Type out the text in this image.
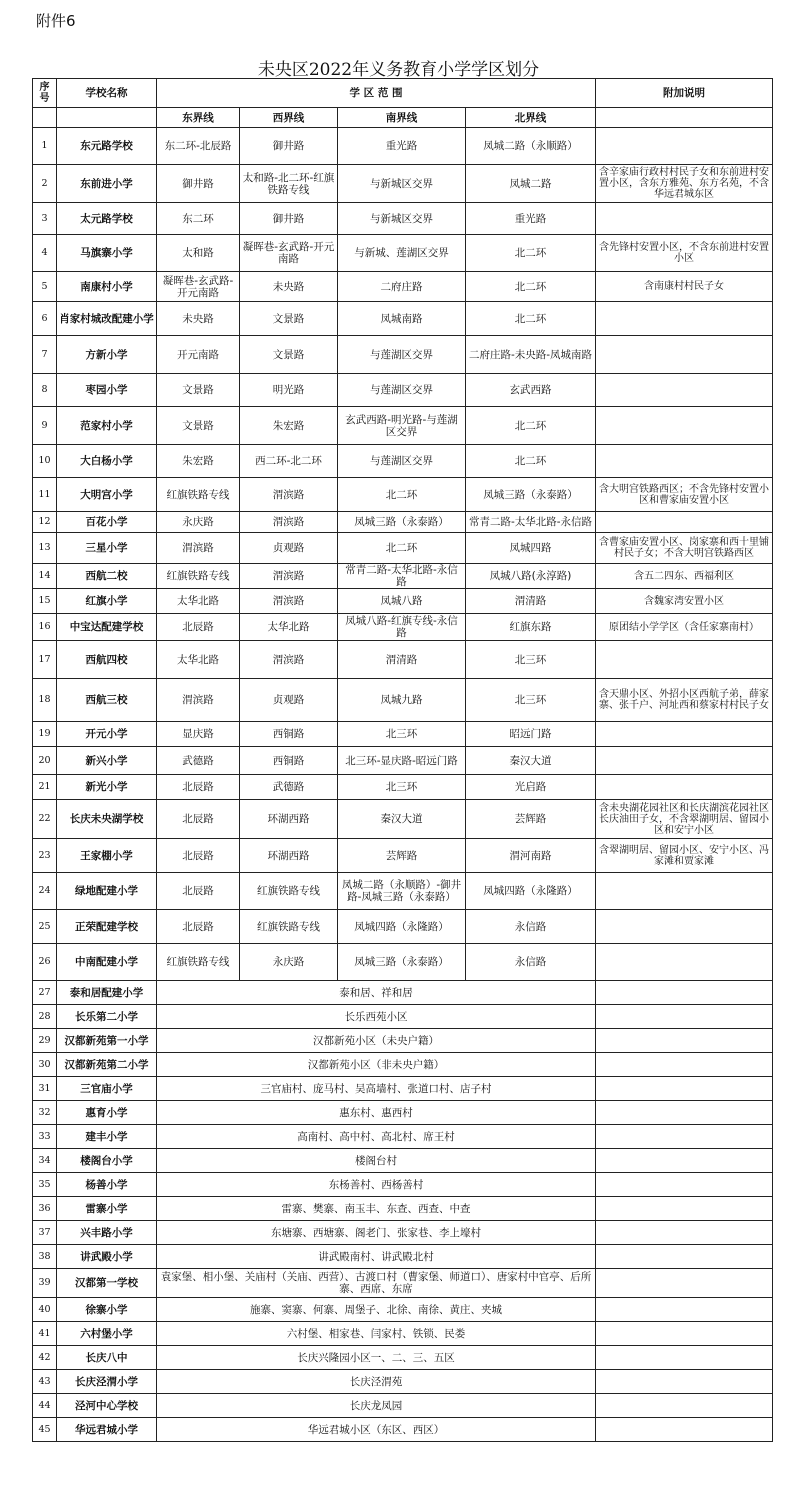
附件6
未央区2022年义务教育小学学区划分
序号	学校名称	学 区 范 围				附加说明
		东界线	西界线	南界线	北界线	
1	东元路学校	东二环-北辰路	御井路	重光路	凤城二路（永顺路）	
2	东前进小学	御井路	太和路-北二环-红旗铁路专线	与新城区交界	凤城二路	含辛家庙行政村村民子女和东前进村安置小区，含东方雅苑、东方名苑，不含华远君城东区
3	太元路学校	东二环	御井路	与新城区交界	重光路	
4	马旗寨小学	太和路	凝晖巷-玄武路-开元南路	与新城、莲湖区交界	北二环	含先锋村安置小区，不含东前进村安置小区
5	南康村小学	凝晖巷-玄武路-开元南路	未央路	二府庄路	北二环	含南康村村民子女
6	肖家村城改配建小学	未央路	文景路	凤城南路	北二环	
7	方新小学	开元南路	文景路	与莲湖区交界	二府庄路-未央路-凤城南路	
8	枣园小学	文景路	明光路	与莲湖区交界	玄武西路	
9	范家村小学	文景路	朱宏路	玄武西路-明光路-与莲湖区交界	北二环	
10	大白杨小学	朱宏路	西二环-北二环	与莲湖区交界	北二环	
11	大明宫小学	红旗铁路专线	渭滨路	北二环	凤城三路（永泰路）	含大明宫铁路西区；不含先锋村安置小区和曹家庙安置小区
12	百花小学	永庆路	渭滨路	凤城三路（永泰路）	常青二路-太华北路-永信路	
13	三星小学	渭滨路	贞观路	北二环	凤城四路	含曹家庙安置小区、岗家寨和西十里铺村民子女；不含大明宫铁路西区
14	西航二校	红旗铁路专线	渭滨路	常青二路-太华北路-永信路	凤城八路(永淳路)	含五二四东、西福利区
15	红旗小学	太华北路	渭滨路	凤城八路	渭清路	含魏家湾安置小区
16	中宝达配建学校	北辰路	太华北路	凤城八路-红旗专线-永信路	红旗东路	原团结小学学区（含任家寨南村）
17	西航四校	太华北路	渭滨路	渭清路	北三环	
18	西航三校	渭滨路	贞观路	凤城九路	北三环	含天鼎小区、外招小区西航子弟，薛家寨、张千户、河址西和蔡家村村民子女
19	开元小学	显庆路	西铜路	北三环	昭远门路	
20	新兴小学	武德路	西铜路	北三环-显庆路-昭远门路	秦汉大道	
21	新光小学	北辰路	武德路	北三环	光启路	
22	长庆未央湖学校	北辰路	环湖西路	秦汉大道	芸辉路	含未央湖花园社区和长庆湖滨花园社区长庆油田子女，不含翠湖明居、留园小区和安宁小区
23	王家棚小学	北辰路	环湖西路	芸辉路	渭河南路	含翠湖明居、留园小区、安宁小区、冯家滩和贾家滩
24	绿地配建小学	北辰路	红旗铁路专线	凤城二路（永顺路）-御井路-凤城三路（永泰路）	凤城四路（永隆路）	
25	正荣配建学校	北辰路	红旗铁路专线	凤城四路（永隆路）	永信路	
26	中南配建小学	红旗铁路专线	永庆路	凤城三路（永泰路）	永信路	
27	泰和居配建小学	泰和居、祥和居				
28	长乐第二小学	长乐西苑小区				
29	汉都新苑第一小学	汉都新苑小区（未央户籍）				
30	汉都新苑第二小学	汉都新苑小区（非未央户籍）				
31	三官庙小学	三官庙村、庞马村、吴高墙村、张道口村、店子村				
32	惠育小学	惠东村、惠西村				
33	建丰小学	高南村、高中村、高北村、席王村				
34	楼阁台小学	楼阁台村				
35	杨善小学	东杨善村、西杨善村				
36	雷寨小学	雷寨、樊寨、南玉丰、东查、西查、中查				
37	兴丰路小学	东塘寨、西塘寨、阁老门、张家巷、李上壕村				
38	讲武殿小学	讲武殿南村、讲武殿北村				
39	汉都第一学校	袁家堡、相小堡、关庙村（关庙、西营）、古渡口村（曹家堡、师道口）、唐家村中官亭、后所寨、西席、东席				
40	徐寨小学	施寨、窦寨、何寨、周堡子、北徐、南徐、黄庄、夹城				
41	六村堡小学	六村堡、相家巷、闫家村、铁锁、民娄				
42	长庆八中	长庆兴隆园小区一、二、三、五区				
43	长庆泾渭小学	长庆泾渭苑				
44	泾河中心学校	长庆龙凤园				
45	华远君城小学	华远君城小区（东区、西区）				
